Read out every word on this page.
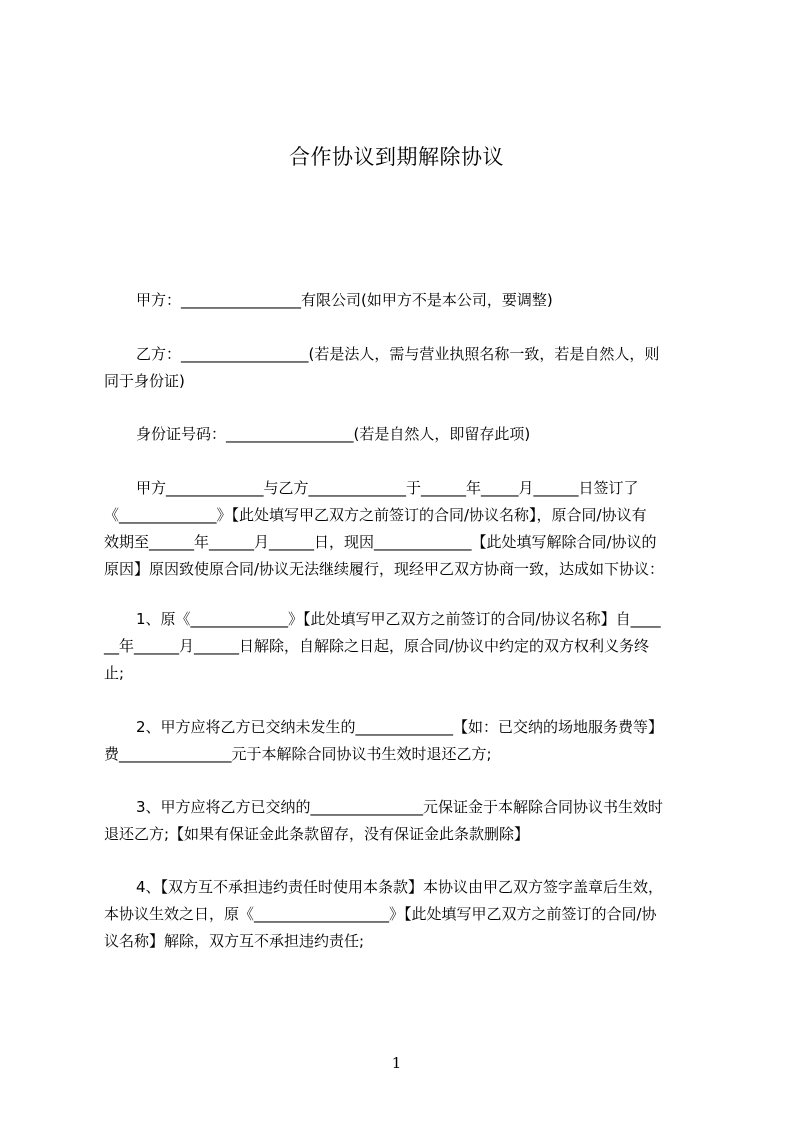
合作协议到期解除协议

甲方：________________有限公司(如甲方不是本公司，要调整)

乙方：_________________(若是法人，需与营业执照名称一致，若是自然人，则
同于身份证)

身份证号码：_________________(若是自然人，即留存此项)

甲方_____________与乙方_____________于______年_____月______日签订了
《_____________》【此处填写甲乙双方之前签订的合同/协议名称】，原合同/协议有
效期至______年______月______日，现因_____________【此处填写解除合同/协议的
原因】原因致使原合同/协议无法继续履行，现经甲乙双方协商一致，达成如下协议：

1、原《_____________》【此处填写甲乙双方之前签订的合同/协议名称】自____
__年______月______日解除，自解除之日起，原合同/协议中约定的双方权利义务终
止;

2、甲方应将乙方已交纳未发生的_____________【如：已交纳的场地服务费等】
费_______________元于本解除合同协议书生效时退还乙方;

3、甲方应将乙方已交纳的_______________元保证金于本解除合同协议书生效时
退还乙方;【如果有保证金此条款留存，没有保证金此条款删除】

4、【双方互不承担违约责任时使用本条款】本协议由甲乙双方签字盖章后生效，
本协议生效之日，原《__________________》【此处填写甲乙双方之前签订的合同/协
议名称】解除，双方互不承担违约责任;

1
